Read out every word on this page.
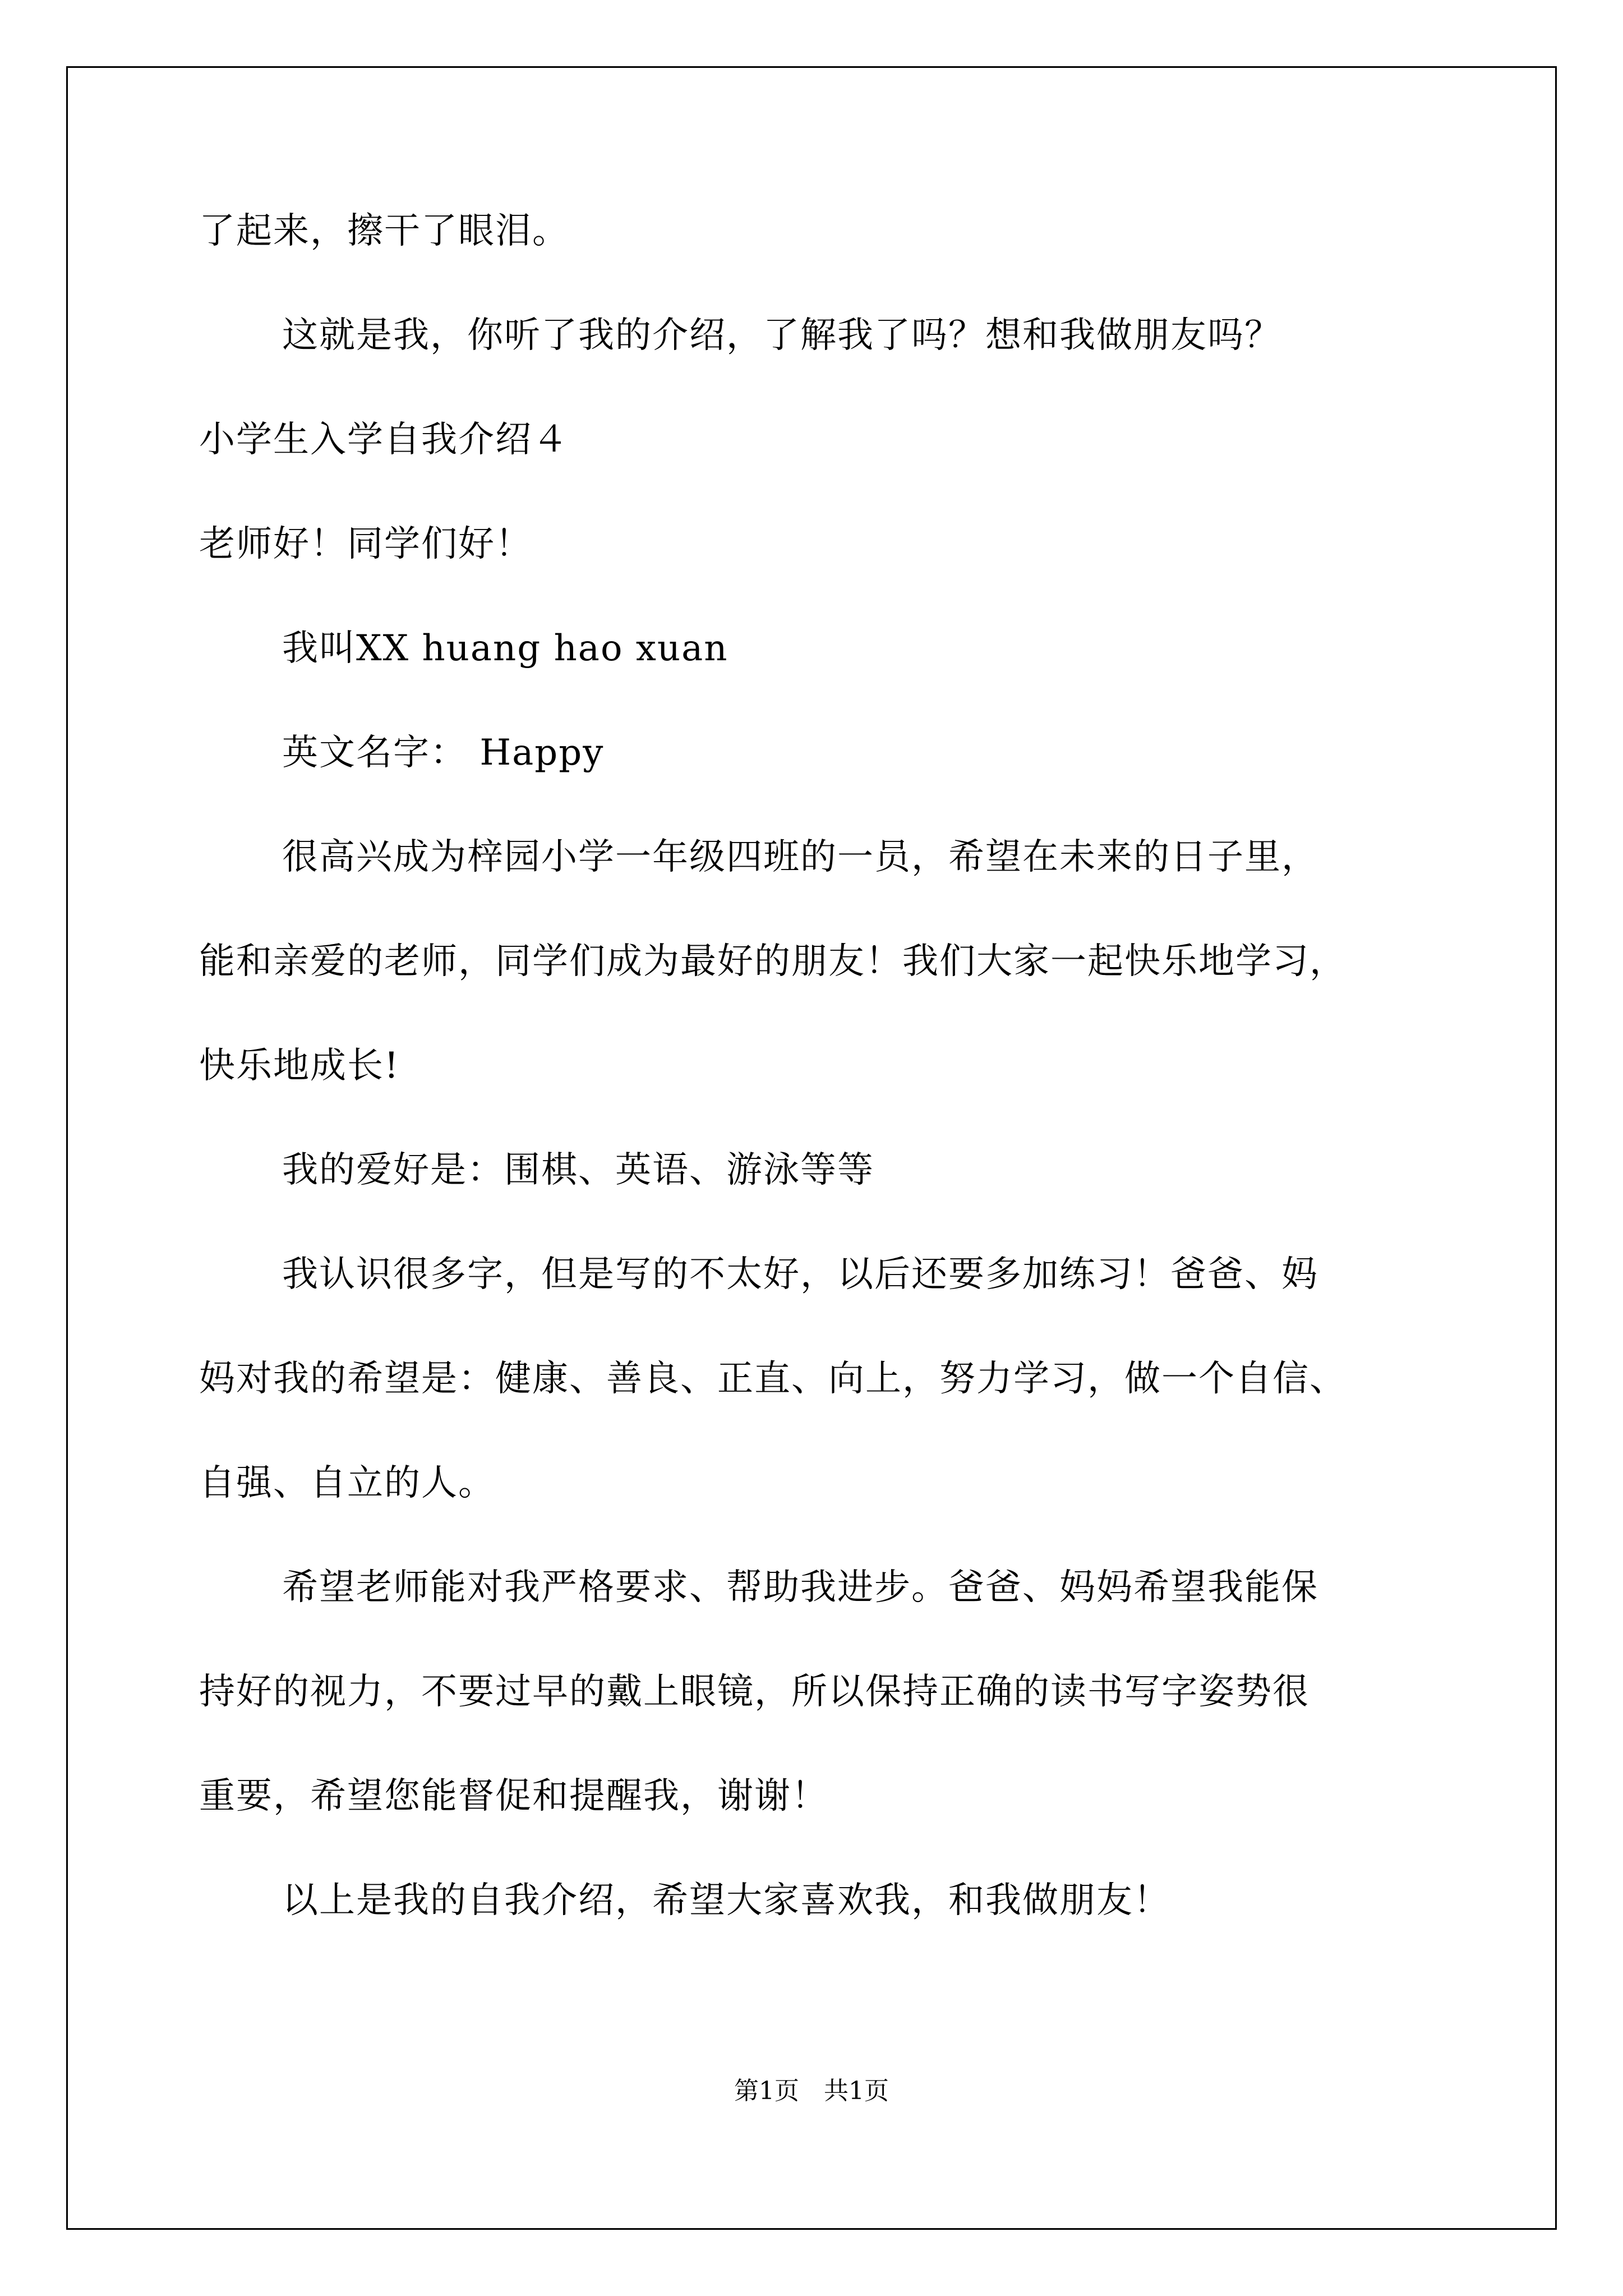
了起来，擦干了眼泪。
这就是我，你听了我的介绍，了解我了吗？想和我做朋友吗？
小学生入学自我介绍４
老师好！同学们好！
我叫XX huang hao xuan
英文名字： Happy
很高兴成为梓园小学一年级四班的一员，希望在未来的日子里，
能和亲爱的老师，同学们成为最好的朋友！我们大家一起快乐地学习，
快乐地成长!
我的爱好是：围棋、英语、游泳等等
我认识很多字，但是写的不太好，以后还要多加练习！爸爸、妈
妈对我的希望是：健康、善良、正直、向上，努力学习，做一个自信、
自强、自立的人。
希望老师能对我严格要求、帮助我进步。爸爸、妈妈希望我能保
持好的视力，不要过早的戴上眼镜，所以保持正确的读书写字姿势很
重要，希望您能督促和提醒我，谢谢！
以上是我的自我介绍，希望大家喜欢我，和我做朋友！
第1页　共1页
